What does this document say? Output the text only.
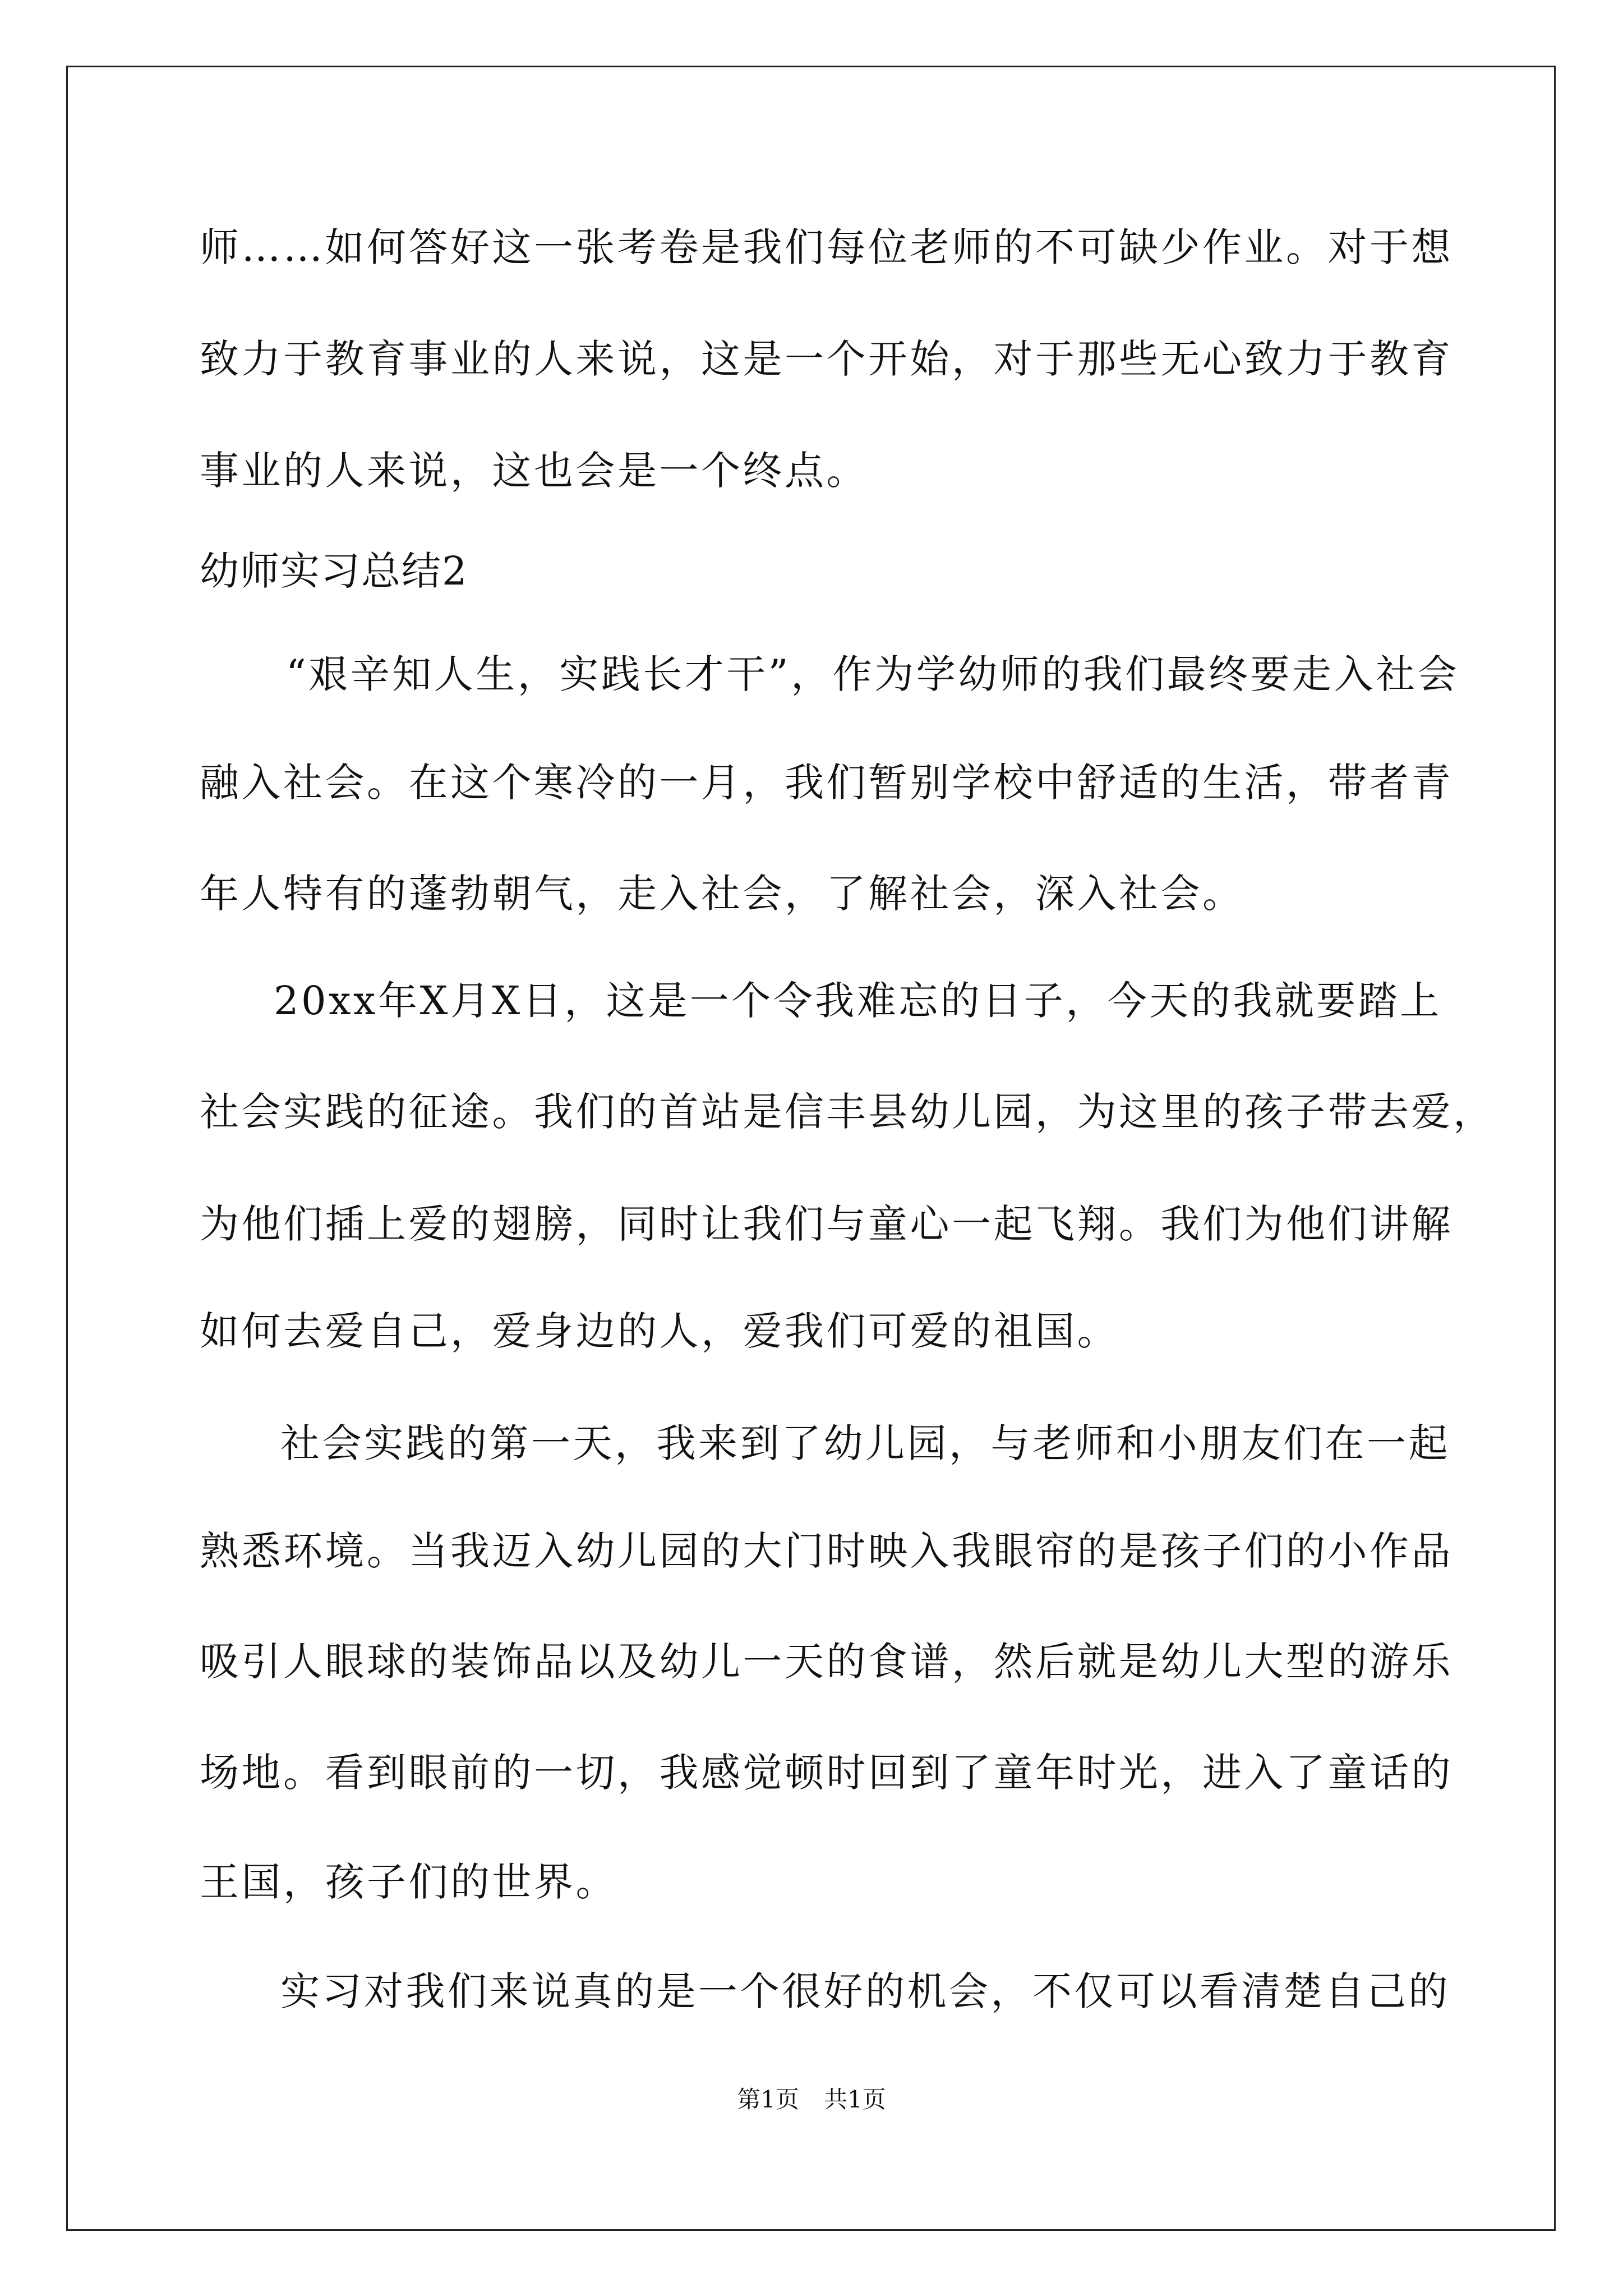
师……如何答好这一张考卷是我们每位老师的不可缺少作业。对于想
致力于教育事业的人来说，这是一个开始，对于那些无心致力于教育
事业的人来说，这也会是一个终点。
幼师实习总结2
“艰辛知人生，实践长才干”，作为学幼师的我们最终要走入社会
融入社会。在这个寒冷的一月，我们暂别学校中舒适的生活，带者青
年人特有的蓬勃朝气，走入社会，了解社会，深入社会。
20xx年X月X日，这是一个令我难忘的日子，今天的我就要踏上
社会实践的征途。我们的首站是信丰县幼儿园，为这里的孩子带去爱，
为他们插上爱的翅膀，同时让我们与童心一起飞翔。我们为他们讲解
如何去爱自己，爱身边的人，爱我们可爱的祖国。
社会实践的第一天，我来到了幼儿园，与老师和小朋友们在一起
熟悉环境。当我迈入幼儿园的大门时映入我眼帘的是孩子们的小作品
吸引人眼球的装饰品以及幼儿一天的食谱，然后就是幼儿大型的游乐
场地。看到眼前的一切，我感觉顿时回到了童年时光，进入了童话的
王国，孩子们的世界。
实习对我们来说真的是一个很好的机会，不仅可以看清楚自己的
第1页 共1页
